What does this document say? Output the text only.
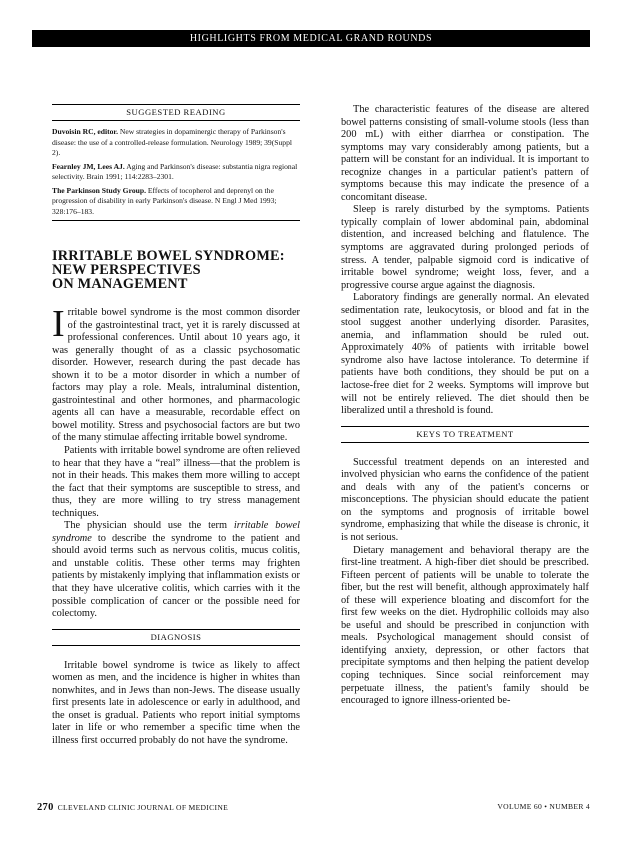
HIGHLIGHTS FROM MEDICAL GRAND ROUNDS
SUGGESTED READING

Duvoisin RC, editor. New strategies in dopaminergic therapy of Parkinson's disease: the use of a controlled-release formulation. Neurology 1989; 39(Suppl 2).

Fearnley JM, Lees AJ. Aging and Parkinson's disease: substantia nigra regional selectivity. Brain 1991; 114:2283–2301.

The Parkinson Study Group. Effects of tocopherol and deprenyl on the progression of disability in early Parkinson's disease. N Engl J Med 1993; 328:176–183.

IRRITABLE BOWEL SYNDROME:
NEW PERSPECTIVES
ON MANAGEMENT

Irritable bowel syndrome is the most common disorder of the gastrointestinal tract, yet it is rarely discussed at professional conferences. Until about 10 years ago, it was generally thought of as a classic psychosomatic disorder. However, research during the past decade has shown it to be a motor disorder in which a number of factors may play a role. Meals, intraluminal distention, gastrointestinal and other hormones, and pharmacologic agents all can have a measurable, recordable effect on bowel motility. Stress and psychosocial factors are but two of the many stimulae affecting irritable bowel syndrome.

Patients with irritable bowel syndrome are often relieved to hear that they have a “real” illness—that the problem is not in their heads. This makes them more willing to accept the fact that their symptoms are susceptible to stress, and thus, they are more willing to try stress management techniques.

The physician should use the term irritable bowel syndrome to describe the syndrome to the patient and should avoid terms such as nervous colitis, mucus colitis, and unstable colitis. These other terms may frighten patients by mistakenly implying that inflammation exists or that they have ulcerative colitis, which carries with it the possible complication of cancer or the possible need for colectomy.

DIAGNOSIS

Irritable bowel syndrome is twice as likely to affect women as men, and the incidence is higher in whites than nonwhites, and in Jews than non-Jews. The disease usually first presents late in adolescence or early in adulthood, and the onset is gradual. Patients who report initial symptoms later in life or who remember a specific time when the illness first occurred probably do not have the syndrome.

The characteristic features of the disease are altered bowel patterns consisting of small-volume stools (less than 200 mL) with either diarrhea or constipation. The symptoms may vary considerably among patients, but a pattern will be constant for an individual. It is important to recognize changes in a particular patient's pattern of symptoms because this may indicate the presence of a concomitant disease.

Sleep is rarely disturbed by the symptoms. Patients typically complain of lower abdominal pain, abdominal distention, and increased belching and flatulence. The symptoms are aggravated during prolonged periods of stress. A tender, palpable sigmoid cord is indicative of irritable bowel syndrome; weight loss, fever, and a progressive course argue against the diagnosis.

Laboratory findings are generally normal. An elevated sedimentation rate, leukocytosis, or blood and fat in the stool suggest another underlying disorder. Parasites, anemia, and inflammation should be ruled out. Approximately 40% of patients with irritable bowel syndrome also have lactose intolerance. To determine if patients have both conditions, they should be put on a lactose-free diet for 2 weeks. Symptoms will improve but will not be entirely relieved. The diet should then be liberalized until a threshold is found.

KEYS TO TREATMENT

Successful treatment depends on an interested and involved physician who earns the confidence of the patient and deals with any of the patient's concerns or misconceptions. The physician should educate the patient on the symptoms and prognosis of irritable bowel syndrome, emphasizing that while the disease is chronic, it is not serious.

Dietary management and behavioral therapy are the first-line treatment. A high-fiber diet should be prescribed. Fifteen percent of patients will be unable to tolerate the fiber, but the rest will benefit, although approximately half of these will experience bloating and discomfort for the first few weeks on the diet. Hydrophilic colloids may also be useful and should be prescribed in conjunction with meals. Psychological management should consist of identifying anxiety, depression, or other factors that precipitate symptoms and then helping the patient develop coping techniques. Since social reinforcement may perpetuate illness, the patient's family should be encouraged to ignore illness-oriented be-

270 CLEVELAND CLINIC JOURNAL OF MEDICINE	VOLUME 60 • NUMBER 4
